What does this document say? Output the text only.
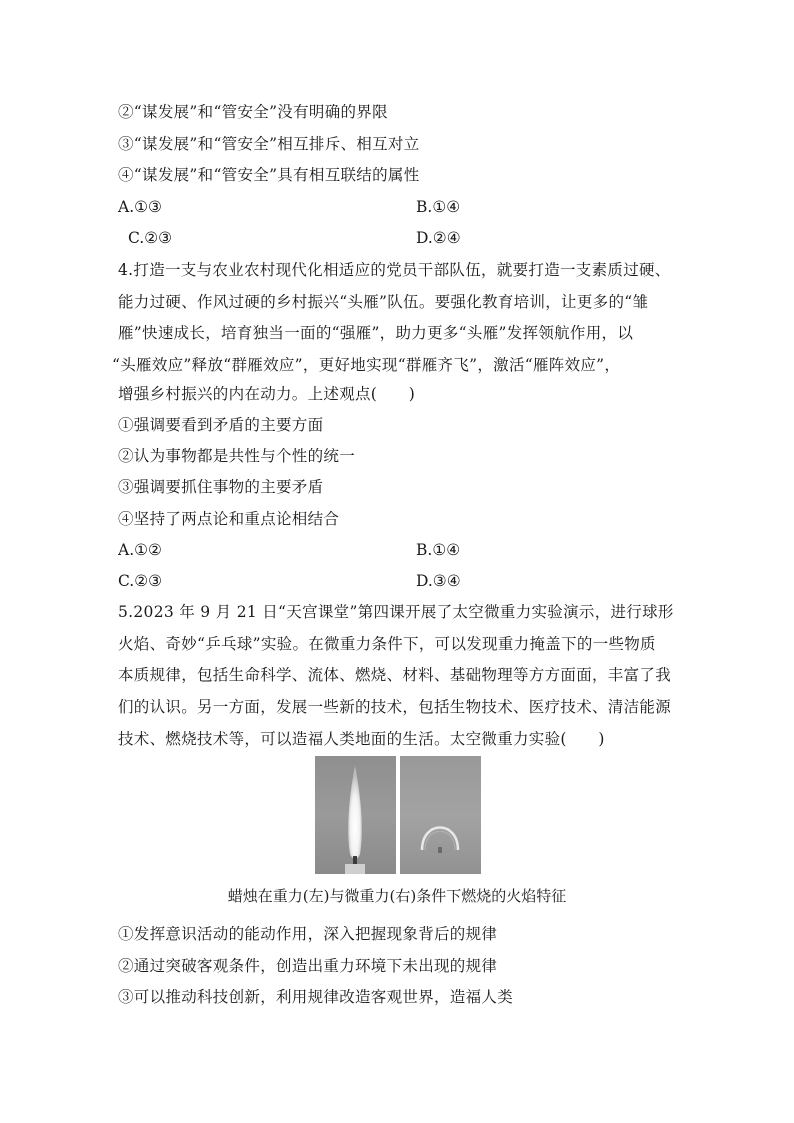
②“谋发展”和“管安全”没有明确的界限
③“谋发展”和“管安全”相互排斥、相互对立
④“谋发展”和“管安全”具有相互联结的属性
A.①③	B.①④
C.②③	D.②④
4.打造一支与农业农村现代化相适应的党员干部队伍，就要打造一支素质过硬、
能力过硬、作风过硬的乡村振兴“头雁”队伍。要强化教育培训，让更多的“雏
雁”快速成长，培育独当一面的“强雁”，助力更多“头雁”发挥领航作用，以
“头雁效应”释放“群雁效应”，更好地实现“群雁齐飞”，激活“雁阵效应”，
增强乡村振兴的内在动力。上述观点(　　)
①强调要看到矛盾的主要方面
②认为事物都是共性与个性的统一
③强调要抓住事物的主要矛盾
④坚持了两点论和重点论相结合
A.①②	B.①④
C.②③	D.③④
5.2023 年 9 月 21 日“天宫课堂”第四课开展了太空微重力实验演示，进行球形
火焰、奇妙“乒乓球”实验。在微重力条件下，可以发现重力掩盖下的一些物质
本质规律，包括生命科学、流体、燃烧、材料、基础物理等方方面面，丰富了我
们的认识。另一方面，发展一些新的技术，包括生物技术、医疗技术、清洁能源
技术、燃烧技术等，可以造福人类地面的生活。太空微重力实验(　　)
蜡烛在重力(左)与微重力(右)条件下燃烧的火焰特征
①发挥意识活动的能动作用，深入把握现象背后的规律
②通过突破客观条件，创造出重力环境下未出现的规律
③可以推动科技创新，利用规律改造客观世界，造福人类
